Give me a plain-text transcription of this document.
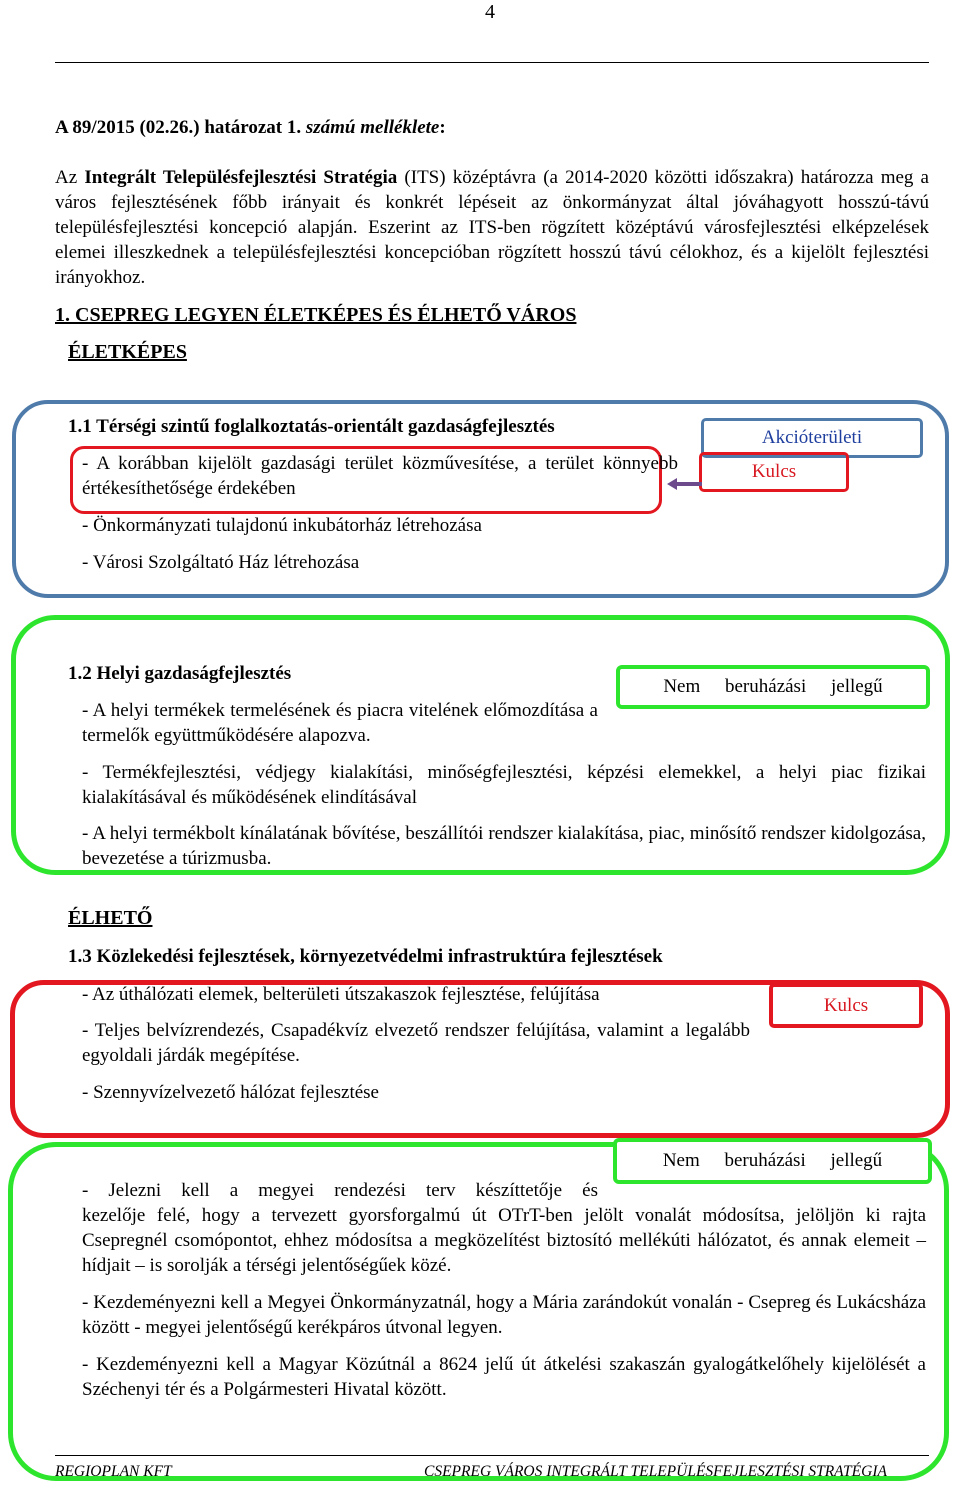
4
A 89/2015 (02.26.) határozat 1. számú melléklete:
Az Integrált Településfejlesztési Stratégia (ITS) középtávra (a 2014-2020 közötti időszakra) határozza meg a város fejlesztésének főbb irányait és konkrét lépéseit az önkormányzat által jóváhagyott hosszú-távú településfejlesztési koncepció alapján. Eszerint az ITS-ben rögzített középtávú városfejlesztési elképzelések elemei illeszkednek a településfejlesztési koncepcióban rögzített hosszú távú célokhoz, és a kijelölt fejlesztési irányokhoz.
1. CSEPREG LEGYEN ÉLETKÉPES ÉS ÉLHETŐ VÁROS
ÉLETKÉPES
1.1 Térségi szintű foglalkoztatás-orientált gazdaságfejlesztés
- A korábban kijelölt gazdasági terület közművesítése, a terület könnyebb értékesíthetősége érdekében
- Önkormányzati tulajdonú inkubátorház létrehozása
- Városi Szolgáltató Ház létrehozása
Akcióterületi
Kulcs
1.2 Helyi gazdaságfejlesztés
Nem beruházási jellegű
- A helyi termékek termelésének és piacra vitelének előmozdítása a termelők együttműködésére alapozva.
- Termékfejlesztési, védjegy kialakítási, minőségfejlesztési, képzési elemekkel, a helyi piac fizikai kialakításával és működésének elindításával
- A helyi termékbolt kínálatának bővítése, beszállítói rendszer kialakítása, piac, minősítő rendszer kidolgozása, bevezetése a túrizmusba.
ÉLHETŐ
1.3 Közlekedési fejlesztések, környezetvédelmi infrastruktúra fejlesztések
- Az úthálózati elemek, belterületi útszakaszok fejlesztése, felújítása
- Teljes belvízrendezés, Csapadékvíz elvezető rendszer felújítása, valamint a legalább egyoldali járdák megépítése.
- Szennyvízelvezető hálózat fejlesztése
Kulcs
Nem beruházási jellegű
- Jelezni kell a megyei rendezési terv készíttetője és
kezelője felé, hogy a tervezett gyorsforgalmú út OTrT-ben jelölt vonalát módosítsa, jelöljön ki rajta Csepregnél csomópontot, ehhez módosítsa a megközelítést biztosító mellékúti hálózatot, és annak elemeit – hídjait – is sorolják a térségi jelentőségűek közé.
- Kezdeményezni kell a Megyei Önkormányzatnál, hogy a Mária zarándokút vonalán - Csepreg és Lukácsháza között - megyei jelentőségű kerékpáros útvonal legyen.
- Kezdeményezni kell a Magyar Közútnál a 8624 jelű út átkelési szakaszán gyalogátkelőhely kijelölését a Széchenyi tér és a Polgármesteri Hivatal között.
REGIOPLAN KFT	CSEPREG VÁROS INTEGRÁLT TELEPÜLÉSFEJLESZTÉSI STRATÉGIA
